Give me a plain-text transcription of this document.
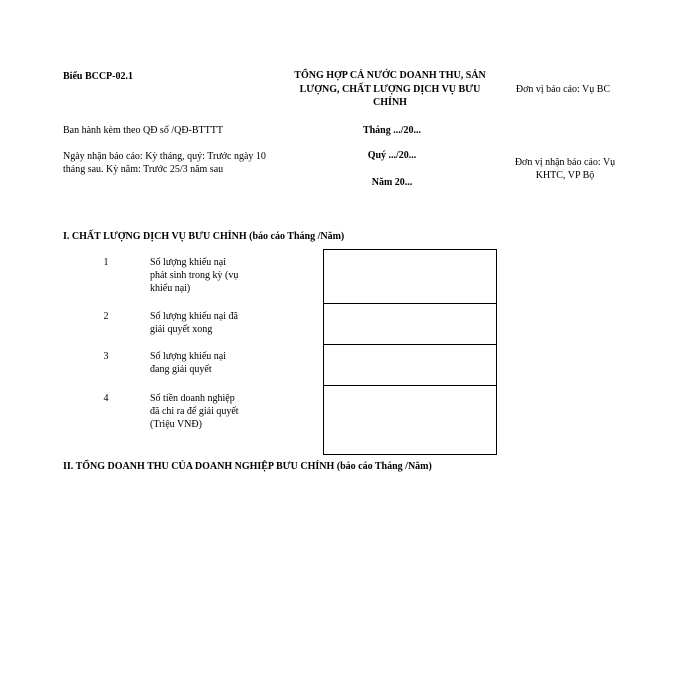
Biểu BCCP-02.1	TỔNG HỢP CẢ NƯỚC DOANH THU, SẢN LƯỢNG, CHẤT LƯỢNG DỊCH VỤ BƯU CHÍNH
Đơn vị báo cáo: Vụ BC
Ban hành kèm theo QĐ số /QĐ-BTTTT	Tháng .../20...
Quý .../20...
Năm 20...
Ngày nhận báo cáo: Kỳ tháng, quý: Trước ngày 10 tháng sau. Kỳ năm: Trước 25/3 năm sau
Đơn vị nhận báo cáo: Vụ KHTC, VP Bộ
I. CHẤT LƯỢNG DỊCH VỤ BƯU CHÍNH (báo cáo Tháng /Năm)
1	Số lượng khiếu nại phát sinh trong kỳ (vụ khiếu nại)
2	Số lượng khiếu nại đã giải quyết xong
3	Số lượng khiếu nại đang giải quyết
4	Số tiền doanh nghiệp đã chi ra để giải quyết (Triệu VNĐ)
II. TỔNG DOANH THU CỦA DOANH NGHIỆP BƯU CHÍNH (báo cáo Tháng /Năm)
